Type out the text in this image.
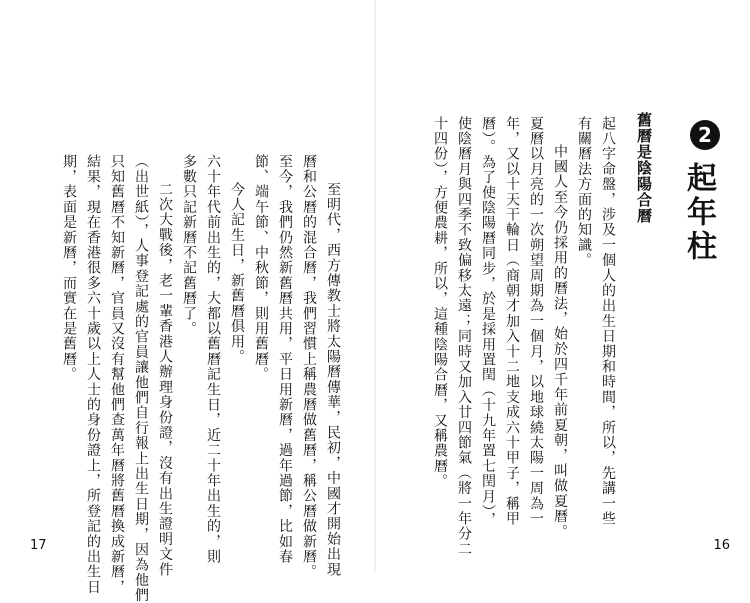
2
起年柱
舊曆是陰陽合曆
起八字命盤，涉及一個人的出生日期和時間，所以，先講一些
有關曆法方面的知識。
中國人至今仍採用的曆法，始於四千年前夏朝，叫做夏曆。
夏曆以月亮的一次朔望周期為一個月，以地球繞太陽一周為一
年，又以十天干輪日（商朝才加入十二地支成六十甲子，稱甲
曆）。為了使陰陽曆同步，於是採用置閏（十九年置七閏月），
使陰曆月與四季不致偏移太遠；同時又加入廿四節氣（將一年分二
十四份），方便農耕，所以，這種陰陽合曆，又稱農曆。
至明代，西方傳教士將太陽曆傳華，民初，中國才開始出現
曆和公曆的混合曆，我們習慣上稱農曆做舊曆，稱公曆做新曆。
至今，我們仍然新舊曆共用，平日用新曆，過年過節，比如春
節、端午節、中秋節，則用舊曆。
今人記生日，新舊曆俱用。
六十年代前出生的，大都以舊曆記生日，近二十年出生的，則
多數只記新曆不記舊曆了。
二次大戰後，老一輩香港人辦理身份證，沒有出生證明文件
（出世紙），人事登記處的官員讓他們自行報上出生日期，因為他們
只知舊曆不知新曆，官員又沒有幫他們查萬年曆將舊曆換成新曆，
結果，現在香港很多六十歲以上人士的身份證上，所登記的出生日
期，表面是新曆，而實在是舊曆。
17	16
